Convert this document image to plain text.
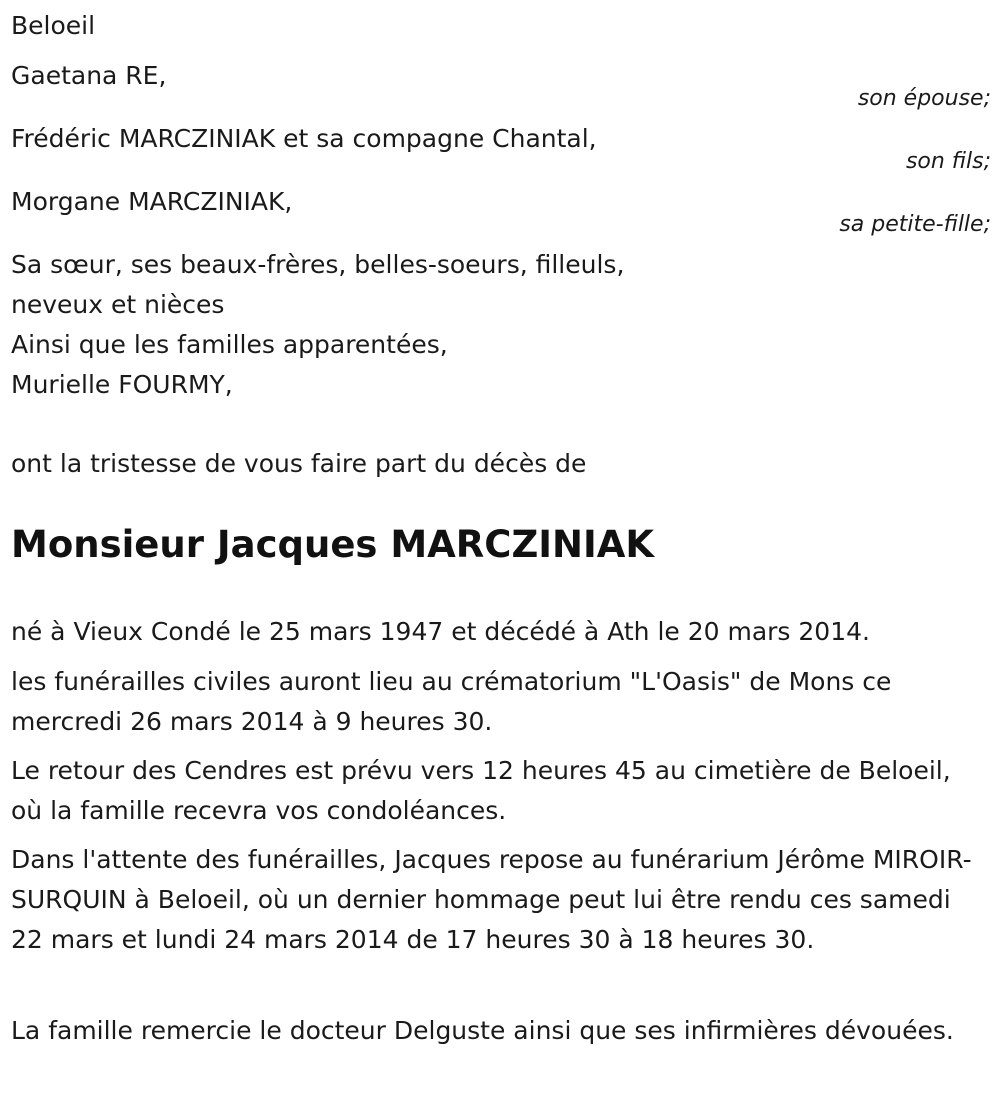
Beloeil

Gaetana RE,

son épouse;

Frédéric MARCZINIAK et sa compagne Chantal,

son fils;

Morgane MARCZINIAK,

sa petite-fille;

Sa sœur, ses beaux-frères, belles-soeurs, filleuls,

neveux et nièces

Ainsi que les familles apparentées,

Murielle FOURMY,

ont la tristesse de vous faire part du décès de

Monsieur Jacques MARCZINIAK

né à Vieux Condé le 25 mars 1947 et décédé à Ath le 20 mars 2014.

les funérailles civiles auront lieu au crématorium "L'Oasis" de Mons ce mercredi 26 mars 2014 à 9 heures 30.

Le retour des Cendres est prévu vers 12 heures 45 au cimetière de Beloeil, où la famille recevra vos condoléances.

Dans l'attente des funérailles, Jacques repose au funérarium Jérôme MIROIR-SURQUIN à Beloeil, où un dernier hommage peut lui être rendu ces samedi 22 mars et lundi 24 mars 2014 de 17 heures 30 à 18 heures 30.

La famille remercie le docteur Delguste ainsi que ses infirmières dévouées.
